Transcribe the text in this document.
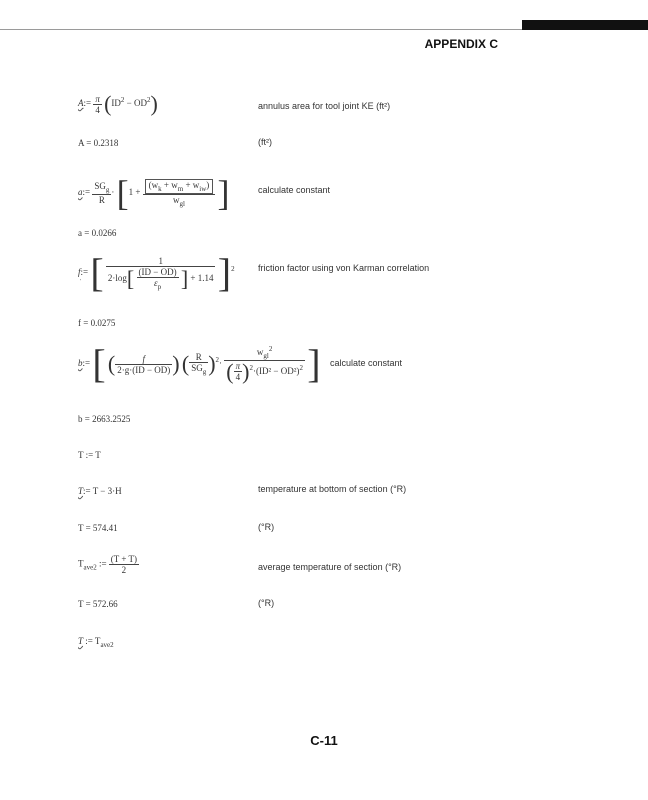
APPENDIX C
A:= $\frac{\pi}{4} (ID^2 - OD^2)$	annulus area for tool joint KE (ft²)
A = 0.2318	(ft²)
a:= $\frac{SG_g}{R} \cdot [1 + \frac{(w_k + w_m + w_{iw})}{w_{gl}}$ ]	calculate constant
a = 0.0266
f:= [ $\frac{1}{2\cdot\log[ \frac{(ID - OD)}{\varepsilon_p} ] + 1.14} ]^2$	friction factor using von Karman correlation
f = 0.0275
b:= [ ( $\frac{f}{2\cdot g\cdot(ID - OD)}$ ) ( $\frac{R}{SG_g} )^2\cdot \frac{w_{gl}^2}{( \frac{\pi}{4} )^2\cdot(ID^2 - OD^2)^2}$ ] calculate constant
b = 2663.2525
T := T
T:= T − 3·H	temperature at bottom of section (°R)
T = 574.41	(°R)
$T_{ave2}$ := $\frac{(T + T)}{2}$	average temperature of section (°R)
T = 572.66	(°R)
T := $T_{ave2}$
C-11
